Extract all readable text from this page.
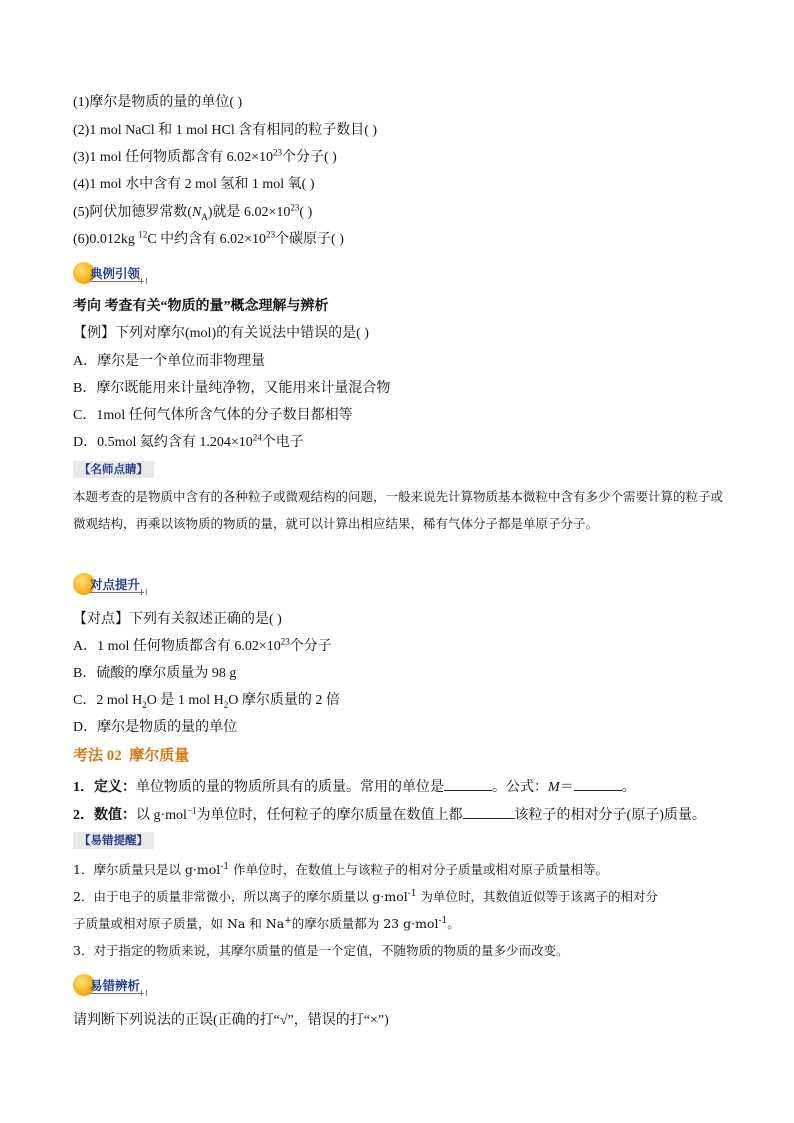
(1)摩尔是物质的量的单位( )
(2)1 mol NaCl 和 1 mol HCl 含有相同的粒子数目( )
(3)1 mol 任何物质都含有 $6.02\times 10^{23}$个分子( )
(4)1 mol 水中含有 2 mol 氢和 1 mol 氧( )
(5)阿伏加德罗常数$(N_A)$就是 $6.02\times 10^{23}$( )
(6)0.012kg $^{12}$C 中约含有 $6.02\times 10^{23}$个碳原子( )
典例引领
考向 考查有关“物质的量”概念理解与辨析
【例】下列对摩尔(mol)的有关说法中错误的是( )
A．摩尔是一个单位而非物理量
B．摩尔既能用来计量纯净物，又能用来计量混合物
C．1mol 任何气体所含气体的分子数目都相等
D．0.5mol 氦约含有 $1.204\times 10^{24}$个电子
【名师点睛】
本题考查的是物质中含有的各种粒子或微观结构的问题，一般来说先计算物质基本微粒中含有多少个需要计算的粒子或微观结构，再乘以该物质的物质的量，就可以计算出相应结果，稀有气体分子都是单原子分子。
对点提升
【对点】下列有关叙述正确的是( )
A．1 mol 任何物质都含有 $6.02\times 10^{23}$个分子
B．硫酸的摩尔质量为 98 g
C．2 mol $H_2O$ 是 1 mol $H_2O$ 摩尔质量的 2 倍
D．摩尔是物质的量的单位
考法 02 摩尔质量
1．定义：单位物质的量的物质所具有的质量。常用的单位是	。公式：M＝	。
2．数值：以 g·mol$^{-1}$为单位时，任何粒子的摩尔质量在数值上都	该粒子的相对分子(原子)质量。
【易错提醒】
1．摩尔质量只是以 g·mol$^{-1}$ 作单位时，在数值上与该粒子的相对分子质量或相对原子质量相等。
2．由于电子的质量非常微小，所以离子的摩尔质量以 g·mol$^{-1}$ 为单位时，其数值近似等于该离子的相对分
子质量或相对原子质量，如 Na 和 Na+的摩尔质量都为 23 g·mol$^{-1}$。
3．对于指定的物质来说，其摩尔质量的值是一个定值，不随物质的物质的量多少而改变。
易错辨析
请判断下列说法的正误(正确的打“√”，错误的打“×”)
